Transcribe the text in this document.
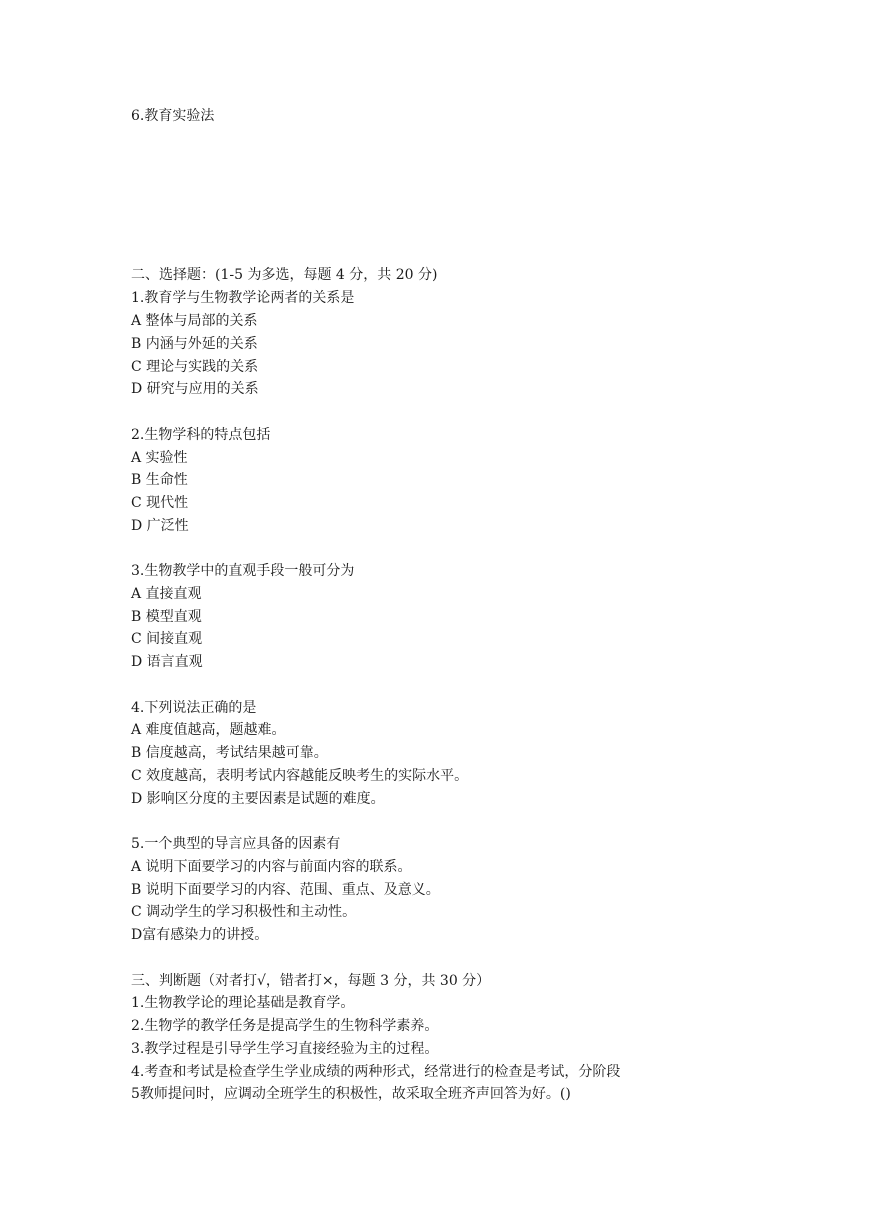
6.教育实验法
二、选择题：(1-5 为多选，每题 4 分，共 20 分)
1.教育学与生物教学论两者的关系是
A 整体与局部的关系
B 内涵与外延的关系
C 理论与实践的关系
D 研究与应用的关系
2.生物学科的特点包括
A 实验性
B 生命性
C 现代性
D 广泛性
3.生物教学中的直观手段一般可分为
A 直接直观
B 模型直观
C 间接直观
D 语言直观
4.下列说法正确的是
A 难度值越高，题越难。
B 信度越高，考试结果越可靠。
C 效度越高，表明考试内容越能反映考生的实际水平。
D 影响区分度的主要因素是试题的难度。
5.一个典型的导言应具备的因素有
A 说明下面要学习的内容与前面内容的联系。
B 说明下面要学习的内容、范围、重点、及意义。
C 调动学生的学习积极性和主动性。
D富有感染力的讲授。
三、判断题（对者打√，错者打×，每题 3 分，共 30 分）
1.生物教学论的理论基础是教育学。
2.生物学的教学任务是提高学生的生物科学素养。
3.教学过程是引导学生学习直接经验为主的过程。
4.考查和考试是检查学生学业成绩的两种形式，经常进行的检查是考试，分阶段
5教师提问时，应调动全班学生的积极性，故采取全班齐声回答为好。()
